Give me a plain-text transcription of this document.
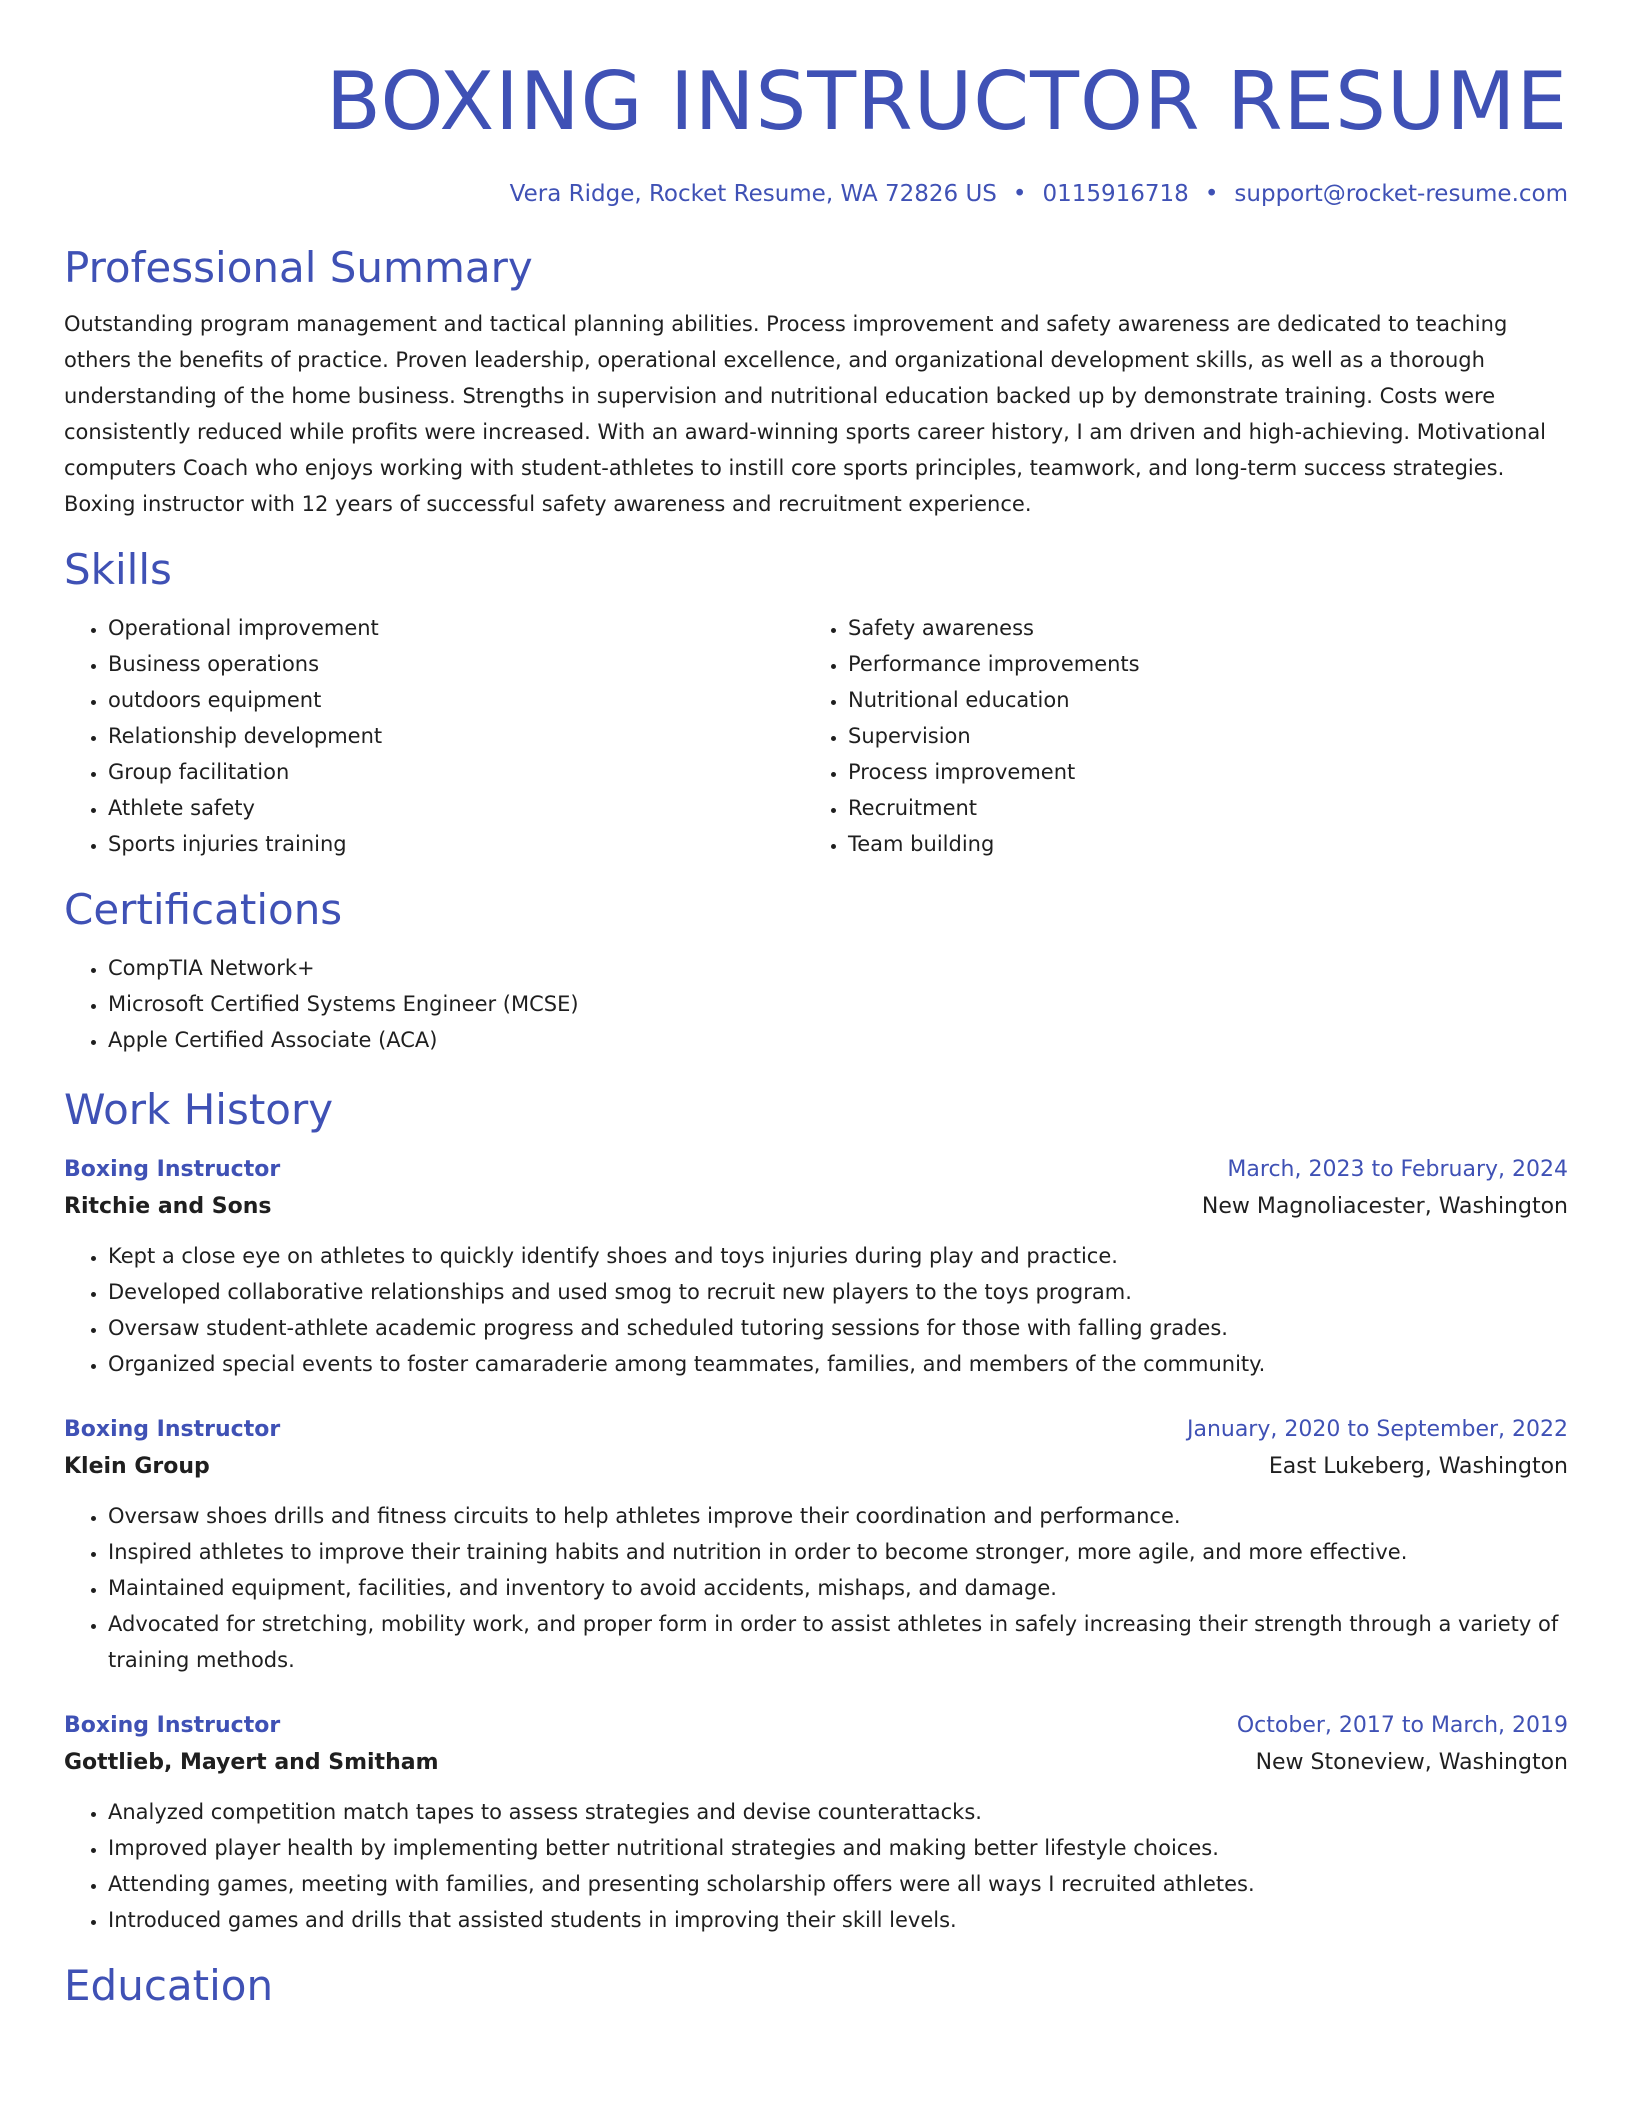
BOXING INSTRUCTOR RESUME
Vera Ridge, Rocket Resume, WA 72826 US • 0115916718 • support@rocket-resume.com
Professional Summary
Outstanding program management and tactical planning abilities. Process improvement and safety awareness are dedicated to teaching others the benefits of practice. Proven leadership, operational excellence, and organizational development skills, as well as a thorough understanding of the home business. Strengths in supervision and nutritional education backed up by demonstrate training. Costs were consistently reduced while profits were increased. With an award-winning sports career history, I am driven and high-achieving. Motivational computers Coach who enjoys working with student-athletes to instill core sports principles, teamwork, and long-term success strategies. Boxing instructor with 12 years of successful safety awareness and recruitment experience.
Skills
• Operational improvement
• Business operations
• outdoors equipment
• Relationship development
• Group facilitation
• Athlete safety
• Sports injuries training
• Safety awareness
• Performance improvements
• Nutritional education
• Supervision
• Process improvement
• Recruitment
• Team building
Certifications
• CompTIA Network+
• Microsoft Certified Systems Engineer (MCSE)
• Apple Certified Associate (ACA)
Work History
Boxing Instructor	March, 2023 to February, 2024
Ritchie and Sons	New Magnoliacester, Washington
• Kept a close eye on athletes to quickly identify shoes and toys injuries during play and practice.
• Developed collaborative relationships and used smog to recruit new players to the toys program.
• Oversaw student-athlete academic progress and scheduled tutoring sessions for those with falling grades.
• Organized special events to foster camaraderie among teammates, families, and members of the community.
Boxing Instructor	January, 2020 to September, 2022
Klein Group	East Lukeberg, Washington
• Oversaw shoes drills and fitness circuits to help athletes improve their coordination and performance.
• Inspired athletes to improve their training habits and nutrition in order to become stronger, more agile, and more effective.
• Maintained equipment, facilities, and inventory to avoid accidents, mishaps, and damage.
• Advocated for stretching, mobility work, and proper form in order to assist athletes in safely increasing their strength through a variety of training methods.
Boxing Instructor	October, 2017 to March, 2019
Gottlieb, Mayert and Smitham	New Stoneview, Washington
• Analyzed competition match tapes to assess strategies and devise counterattacks.
• Improved player health by implementing better nutritional strategies and making better lifestyle choices.
• Attending games, meeting with families, and presenting scholarship offers were all ways I recruited athletes.
• Introduced games and drills that assisted students in improving their skill levels.
Education
